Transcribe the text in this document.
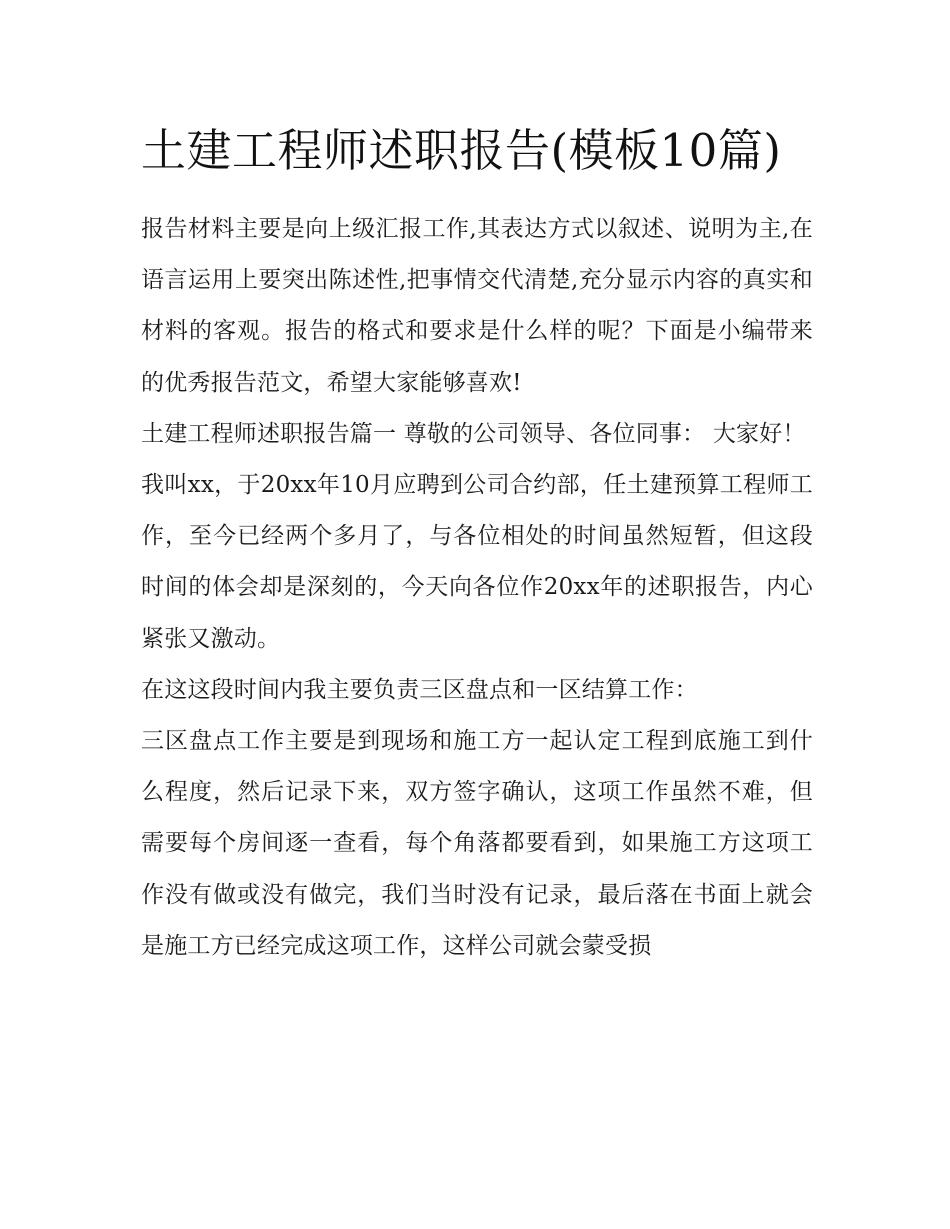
土建工程师述职报告(模板10篇)

报告材料主要是向上级汇报工作,其表达方式以叙述、说明为主,在语言运用上要突出陈述性,把事情交代清楚,充分显示内容的真实和材料的客观。报告的格式和要求是什么样的呢？下面是小编带来的优秀报告范文，希望大家能够喜欢!

土建工程师述职报告篇一 尊敬的公司领导、各位同事： 大家好！

我叫xx，于20xx年10月应聘到公司合约部，任土建预算工程师工作，至今已经两个多月了，与各位相处的时间虽然短暂，但这段时间的体会却是深刻的，今天向各位作20xx年的述职报告，内心紧张又激动。

在这这段时间内我主要负责三区盘点和一区结算工作：

三区盘点工作主要是到现场和施工方一起认定工程到底施工到什么程度，然后记录下来，双方签字确认，这项工作虽然不难，但需要每个房间逐一查看，每个角落都要看到，如果施工方这项工作没有做或没有做完，我们当时没有记录，最后落在书面上就会是施工方已经完成这项工作，这样公司就会蒙受损
